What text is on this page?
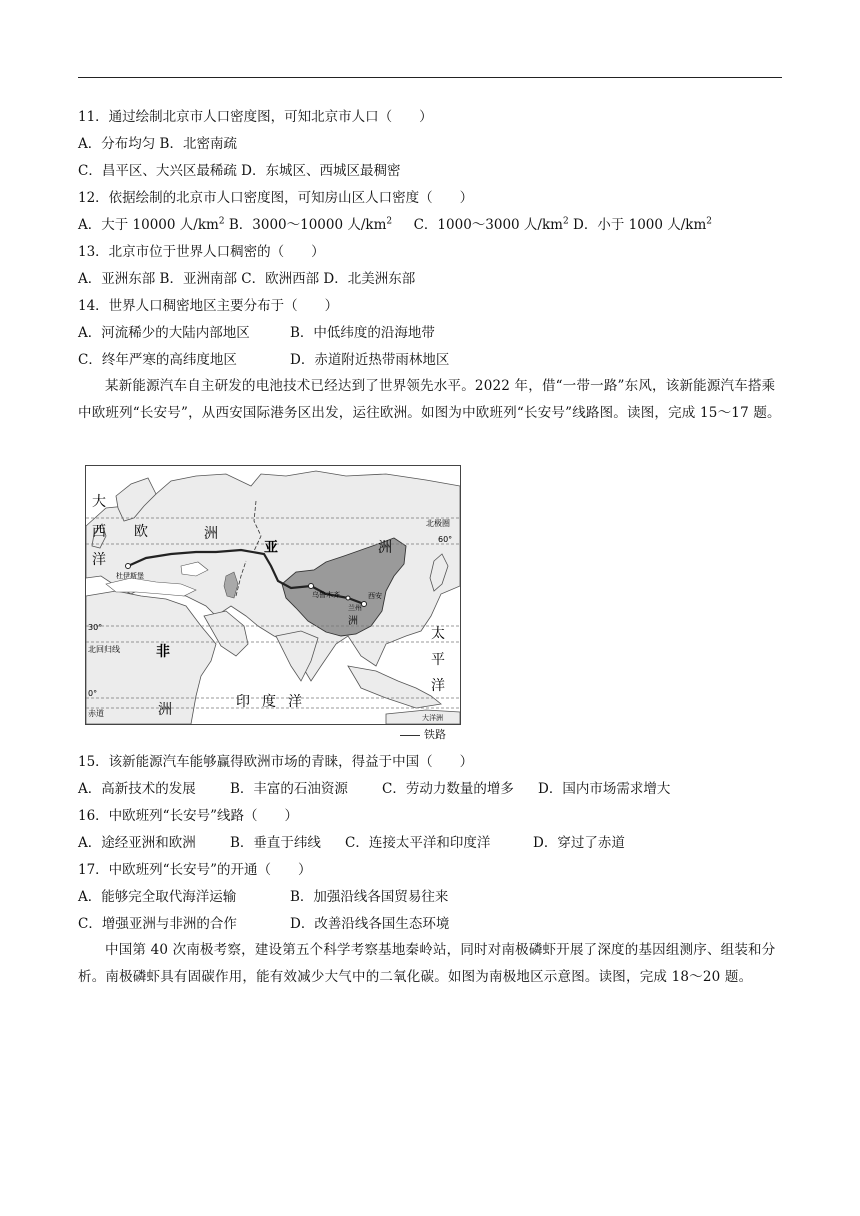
11．通过绘制北京市人口密度图，可知北京市人口（　　）
A．分布均匀 B．北密南疏
C．昌平区、大兴区最稀疏 D．东城区、西城区最稠密
12．依据绘制的北京市人口密度图，可知房山区人口密度（　　）
A．大于 10000 人$/km^2$ B．3000～10000 人$/km^2$ C．1000～3000 人$/km^2$ D．小于 1000 人$/km^2$
13．北京市位于世界人口稠密的（　　）
A．亚洲东部 B．亚洲南部 C．欧洲西部 D．北美洲东部
14．世界人口稠密地区主要分布于（　　）
A．河流稀少的大陆内部地区	B．中低纬度的沿海地带
C．终年严寒的高纬度地区	D．赤道附近热带雨林地区
某新能源汽车自主研发的电池技术已经达到了世界领先水平。2022 年，借“一带一路”东风，该新能源汽车搭乘中欧班列“长安号”，从西安国际港务区出发，运往欧洲。如图为中欧班列“长安号”线路图。读图，完成 15～17 题。
大
西
洋
欧	洲
亚	洲
北极圈
60°
杜伊斯堡
乌鲁木齐	西安
兰州
洲
30°	太
北回归线	非	平
洋
0°
赤道	洲	印 度 洋
大洋洲
铁路
15．该新能源汽车能够赢得欧洲市场的青睐，得益于中国（　　）
A．高新技术的发展	B．丰富的石油资源	C．劳动力数量的增多 D．国内市场需求增大
16．中欧班列“长安号”线路（　　）
A．途经亚洲和欧洲	B．垂直于纬线 C．连接太平洋和印度洋	D．穿过了赤道
17．中欧班列“长安号”的开通（　　）
A．能够完全取代海洋运输	B．加强沿线各国贸易往来
C．增强亚洲与非洲的合作	D．改善沿线各国生态环境
中国第 40 次南极考察，建设第五个科学考察基地秦岭站，同时对南极磷虾开展了深度的基因组测序、组装和分析。南极磷虾具有固碳作用，能有效减少大气中的二氧化碳。如图为南极地区示意图。读图，完成 18～20 题。
